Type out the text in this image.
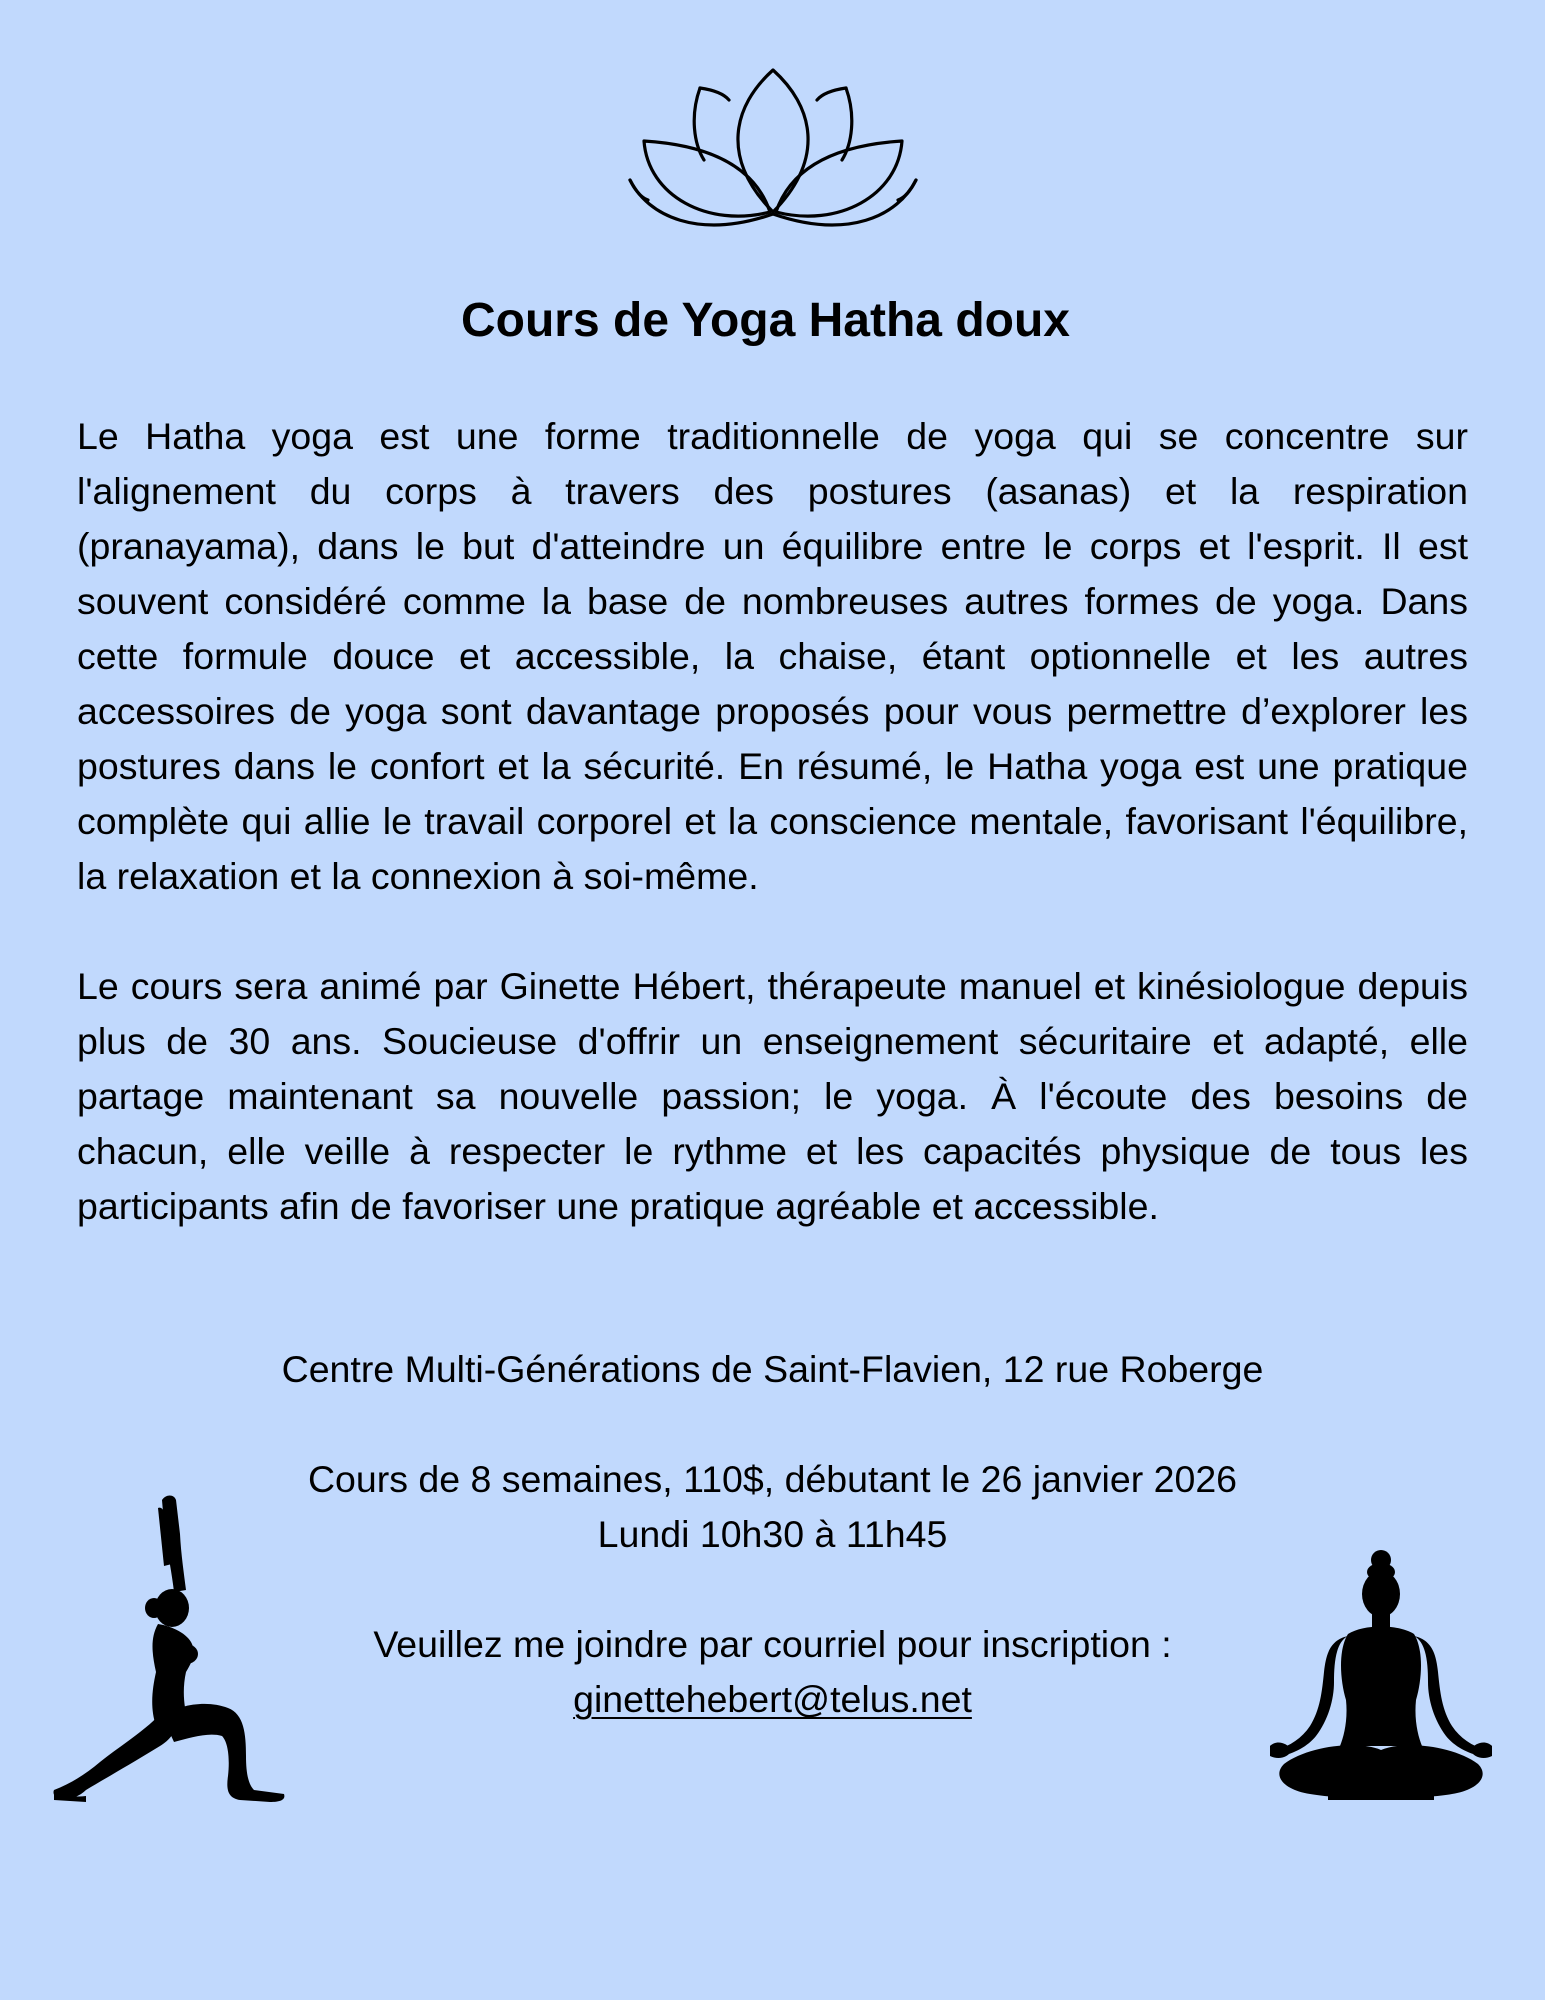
Cours de Yoga Hatha doux

Le Hatha yoga est une forme traditionnelle de yoga qui se concentre sur l'alignement du corps à travers des postures (asanas) et la respiration (pranayama), dans le but d'atteindre un équilibre entre le corps et l'esprit. Il est souvent considéré comme la base de nombreuses autres formes de yoga. Dans cette formule douce et accessible, la chaise, étant optionnelle et les autres accessoires de yoga sont davantage proposés pour vous permettre d’explorer les postures dans le confort et la sécurité. En résumé, le Hatha yoga est une pratique complète qui allie le travail corporel et la conscience mentale, favorisant l'équilibre, la relaxation et la connexion à soi-même.

Le cours sera animé par Ginette Hébert, thérapeute manuel et kinésiologue depuis plus de 30 ans. Soucieuse d'offrir un enseignement sécuritaire et adapté, elle partage maintenant sa nouvelle passion; le yoga. À l'écoute des besoins de chacun, elle veille à respecter le rythme et les capacités physique de tous les participants afin de favoriser une pratique agréable et accessible.

Centre Multi-Générations de Saint-Flavien, 12 rue Roberge

Cours de 8 semaines, 110$, débutant le 26 janvier 2026

Lundi 10h30 à 11h45

Veuillez me joindre par courriel pour inscription :

ginettehebert@telus.net
